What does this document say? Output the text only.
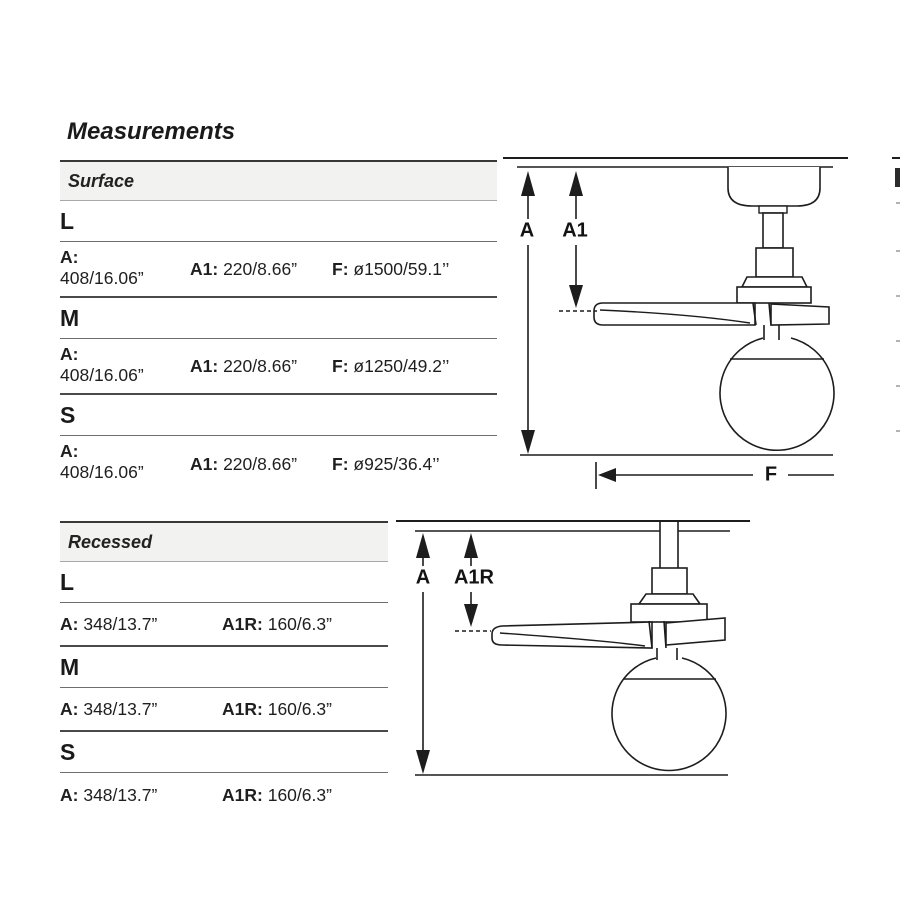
Measurements
Surface
L
A:
408/16.06”	A1: 220/8.66” F: ø1500/59.1’’
M
A:
408/16.06”	A1: 220/8.66” F: ø1250/49.2’’
S
A:
408/16.06”	A1: 220/8.66” F: ø925/36.4’’
Recessed
L
A: 348/13.7”	A1R: 160/6.3”
M
A: 348/13.7”	A1R: 160/6.3”
S
A: 348/13.7”	A1R: 160/6.3”
A A1
F
A A1R
